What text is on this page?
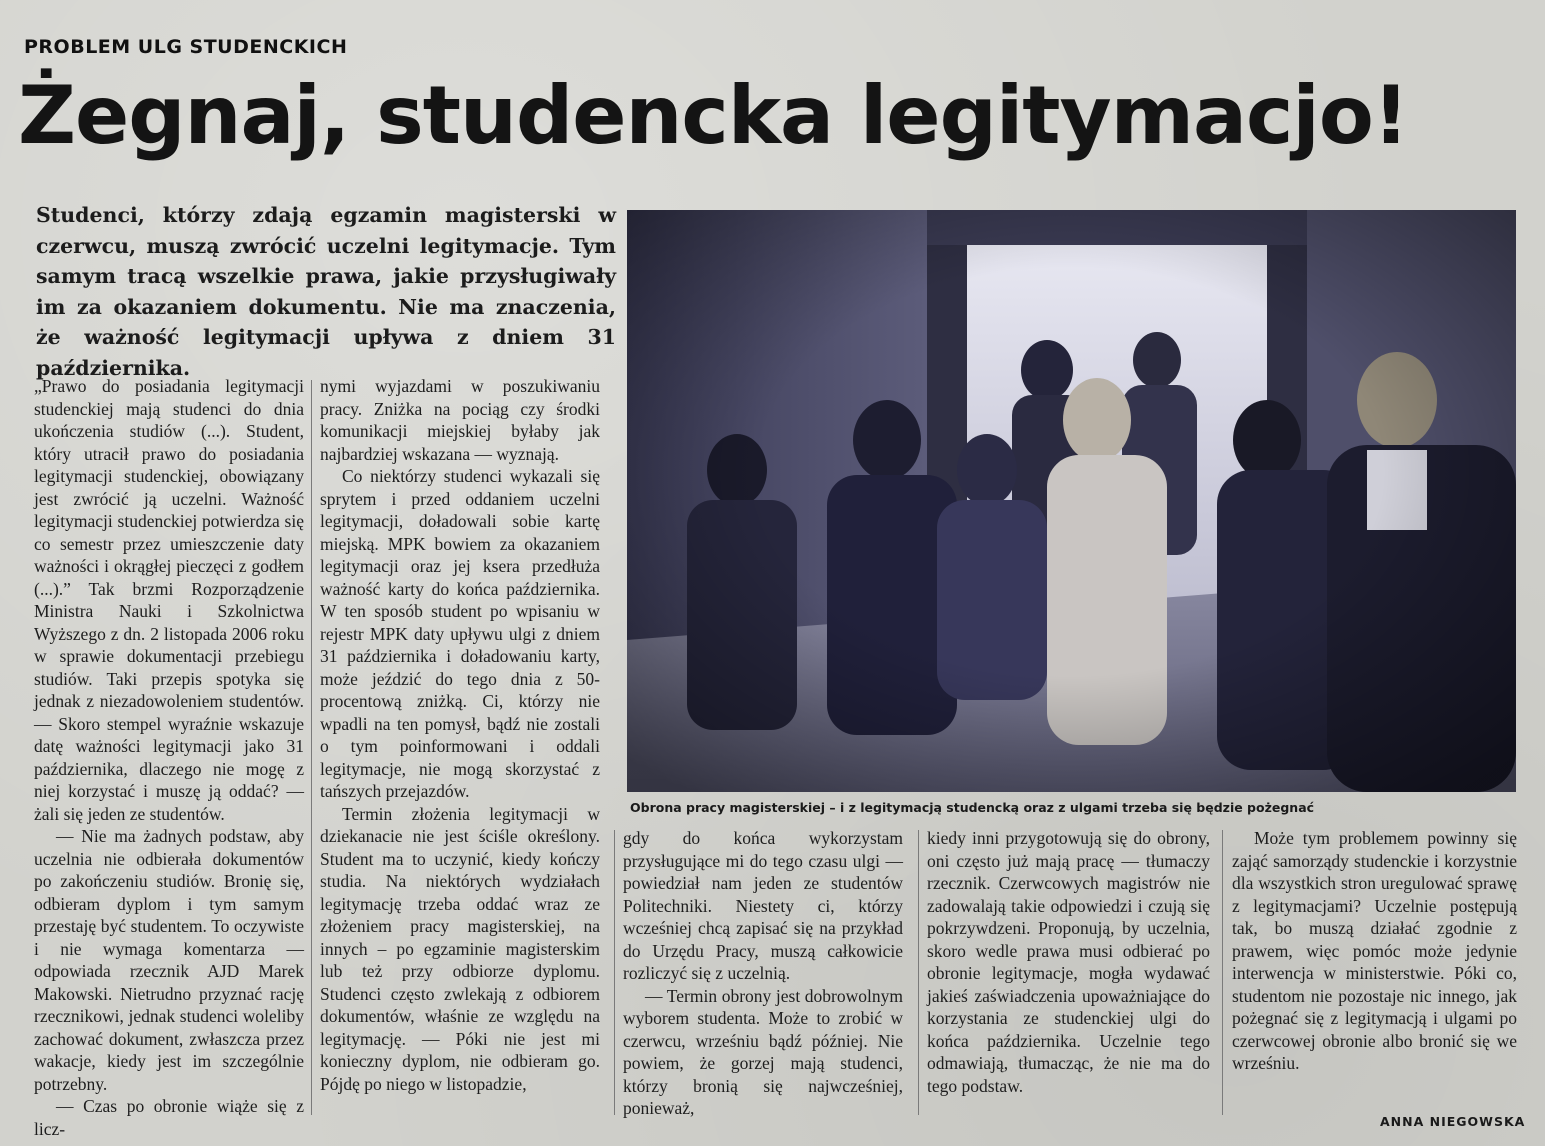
PROBLEM ULG STUDENCKICH
Żegnaj, studencka legitymacjo!
Studenci, którzy zdają egzamin magisterski w czerwcu, muszą zwrócić uczelni legitymacje. Tym samym tracą wszelkie prawa, jakie przysługiwały im za okazaniem dokumentu. Nie ma znaczenia, że ważność legitymacji upływa z dniem 31 października.

„Prawo do posiadania legitymacji studenckiej mają studenci do dnia ukończenia studiów (...). Student, który utracił prawo do posiadania legitymacji studenckiej, obowiązany jest zwrócić ją uczelni. Ważność legitymacji studenckiej potwierdza się co semestr przez umieszczenie daty ważności i okrągłej pieczęci z godłem (...).” Tak brzmi Rozporządzenie Ministra Nauki i Szkolnictwa Wyższego z dn. 2 listopada 2006 roku w sprawie dokumentacji przebiegu studiów. Taki przepis spotyka się jednak z niezadowoleniem studentów. — Skoro stempel wyraźnie wskazuje datę ważności legitymacji jako 31 października, dlaczego nie mogę z niej korzystać i muszę ją oddać? — żali się jeden ze studentów.

— Nie ma żadnych podstaw, aby uczelnia nie odbierała dokumentów po zakończeniu studiów. Bronię się, odbieram dyplom i tym samym przestaję być studentem. To oczywiste i nie wymaga komentarza — odpowiada rzecznik AJD Marek Makowski. Nietrudno przyznać rację rzecznikowi, jednak studenci woleliby zachować dokument, zwłaszcza przez wakacje, kiedy jest im szczególnie potrzebny.

— Czas po obronie wiąże się z licz-

nymi wyjazdami w poszukiwaniu pracy. Zniżka na pociąg czy środki komunikacji miejskiej byłaby jak najbardziej wskazana — wyznają.

Co niektórzy studenci wykazali się sprytem i przed oddaniem uczelni legitymacji, doładowali sobie kartę miejską. MPK bowiem za okazaniem legitymacji oraz jej ksera przedłuża ważność karty do końca października. W ten sposób student po wpisaniu w rejestr MPK daty upływu ulgi z dniem 31 października i doładowaniu karty, może jeździć do tego dnia z 50-procentową zniżką. Ci, którzy nie wpadli na ten pomysł, bądź nie zostali o tym poinformowani i oddali legitymacje, nie mogą skorzystać z tańszych przejazdów.

Termin złożenia legitymacji w dziekanacie nie jest ściśle określony. Student ma to uczynić, kiedy kończy studia. Na niektórych wydziałach legitymację trzeba oddać wraz ze złożeniem pracy magisterskiej, na innych – po egzaminie magisterskim lub też przy odbiorze dyplomu. Studenci często zwlekają z odbiorem dokumentów, właśnie ze względu na legitymację. — Póki nie jest mi konieczny dyplom, nie odbieram go. Pójdę po niego w listopadzie,

Obrona pracy magisterskiej – i z legitymacją studencką oraz z ulgami trzeba się będzie pożegnać

gdy do końca wykorzystam przysługujące mi do tego czasu ulgi — powiedział nam jeden ze studentów Politechniki. Niestety ci, którzy wcześniej chcą zapisać się na przykład do Urzędu Pracy, muszą całkowicie rozliczyć się z uczelnią.

— Termin obrony jest dobrowolnym wyborem studenta. Może to zrobić w czerwcu, wrześniu bądź później. Nie powiem, że gorzej mają studenci, którzy bronią się najwcześniej, ponieważ,

kiedy inni przygotowują się do obrony, oni często już mają pracę — tłumaczy rzecznik. Czerwcowych magistrów nie zadowalają takie odpowiedzi i czują się pokrzywdzeni. Proponują, by uczelnia, skoro wedle prawa musi odbierać po obronie legitymacje, mogła wydawać jakieś zaświadczenia upoważniające do korzystania ze studenckiej ulgi do końca października. Uczelnie tego odmawiają, tłumacząc, że nie ma do tego podstaw.

Może tym problemem powinny się zająć samorządy studenckie i korzystnie dla wszystkich stron uregulować sprawę z legitymacjami? Uczelnie postępują tak, bo muszą działać zgodnie z prawem, więc pomóc może jedynie interwencja w ministerstwie. Póki co, studentom nie pozostaje nic innego, jak pożegnać się z legitymacją i ulgami po czerwcowej obronie albo bronić się we wrześniu.

ANNA NIEGOWSKA
